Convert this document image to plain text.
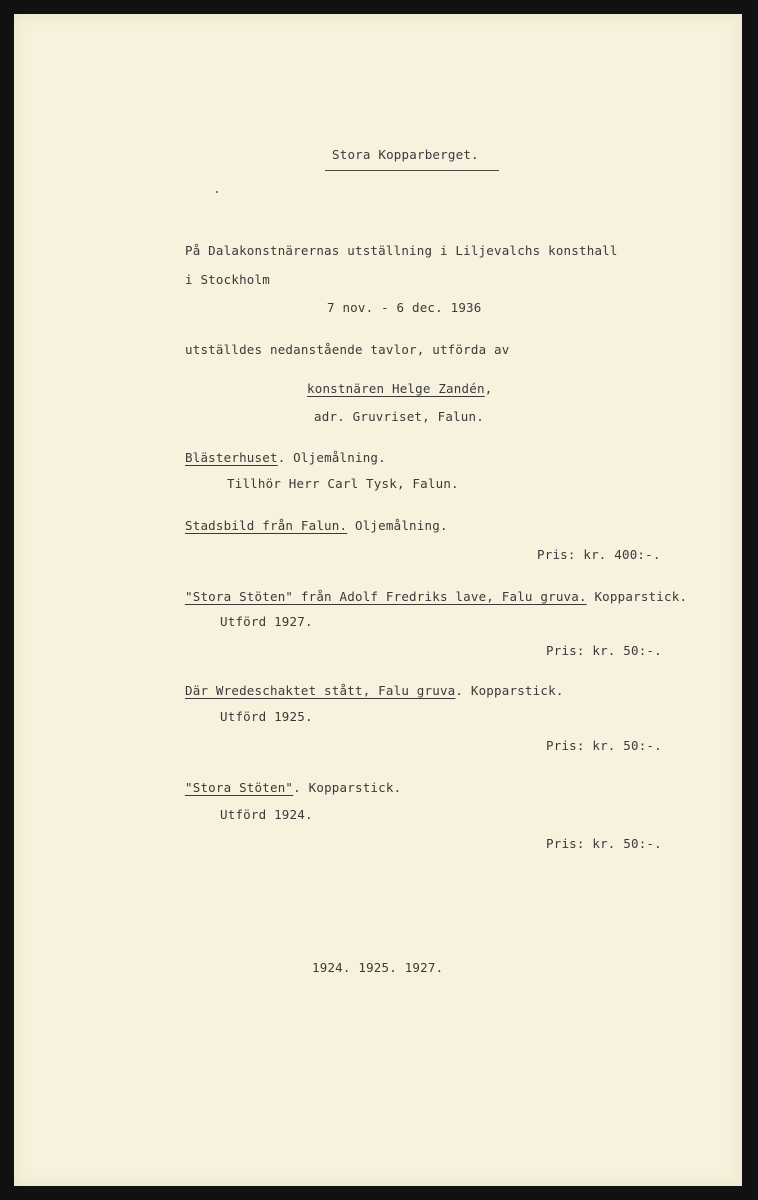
Stora Kopparberget.
På Dalakonstnärernas utställning i Liljevalchs konsthall
i Stockholm
7 nov. - 6 dec. 1936
utställdes nedanstående tavlor, utförda av
konstnären Helge Zandén,
adr. Gruvriset, Falun.
Blästerhuset. Oljemålning.
Tillhör Herr Carl Tysk, Falun.
Stadsbild från Falun. Oljemålning.
Pris: kr. 400:-.
"Stora Stöten" från Adolf Fredriks lave, Falu gruva. Kopparstick.
Utförd 1927.
Pris: kr. 50:-.
Där Wredeschaktet stått, Falu gruva. Kopparstick.
Utförd 1925.
Pris: kr. 50:-.
"Stora Stöten". Kopparstick.
Utförd 1924.
Pris: kr. 50:-.
1924. 1925. 1927.
